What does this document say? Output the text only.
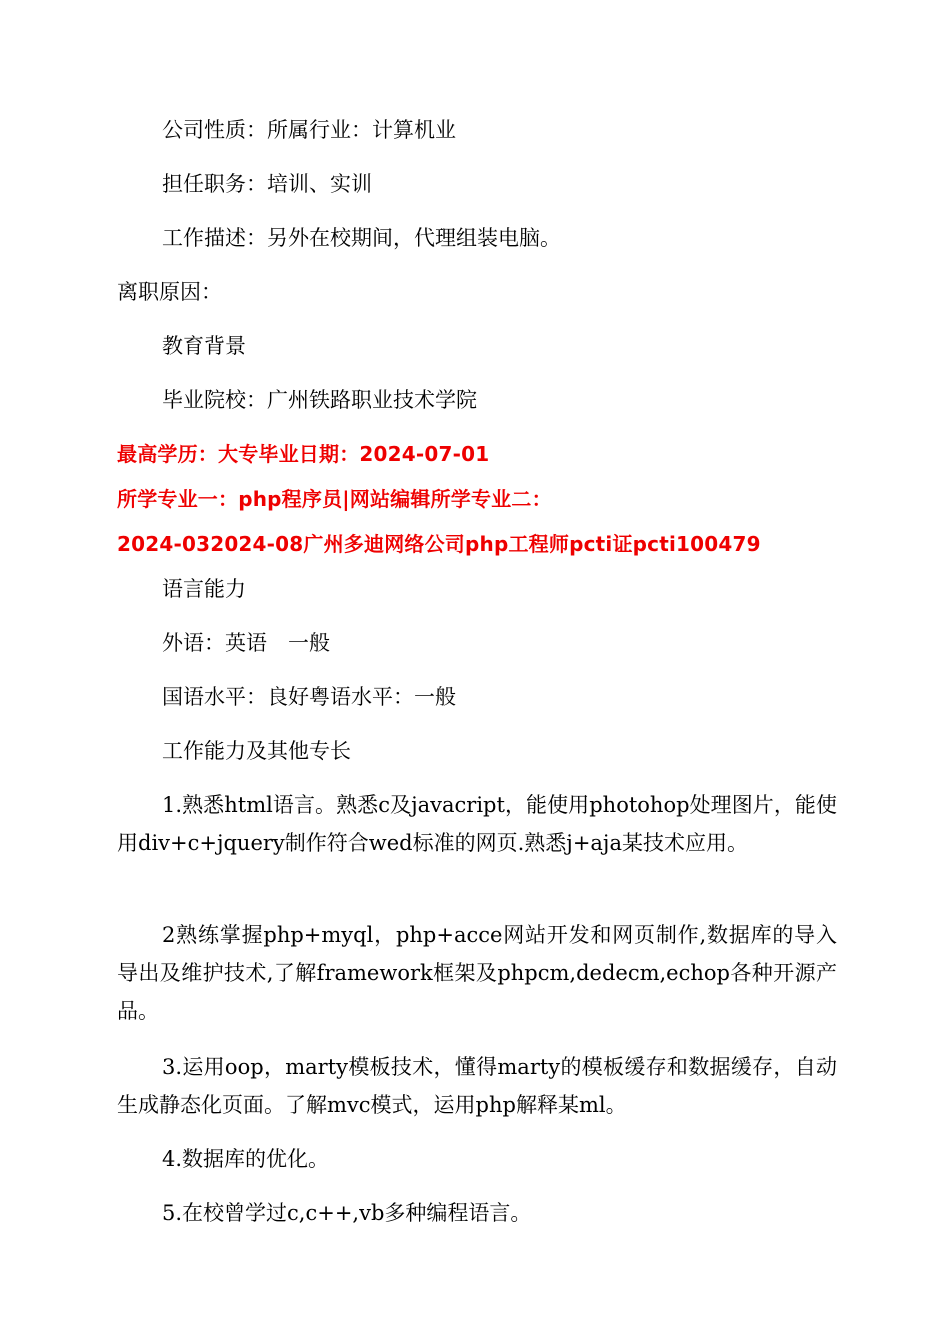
公司性质：所属行业：计算机业
担任职务：培训、实训
工作描述：另外在校期间，代理组装电脑。
离职原因：
教育背景
毕业院校：广州铁路职业技术学院
最高学历：大专毕业日期：2024-07-01
所学专业一：php程序员|网站编辑所学专业二：
2024-032024-08广州多迪网络公司php工程师pcti证pcti100479
语言能力
外语：英语　一般
国语水平：良好粤语水平：一般
工作能力及其他专长
1.熟悉html语言。熟悉c及javacript，能使用photohop处理图片，能使用div+c+jquery制作符合wed标准的网页.熟悉j+aja某技术应用。
2熟练掌握php+myql，php+acce网站开发和网页制作,数据库的导入导出及维护技术,了解framework框架及phpcm,dedecm,echop各种开源产品。
3.运用oop，marty模板技术，懂得marty的模板缓存和数据缓存，自动生成静态化页面。了解mvc模式，运用php解释某ml。
4.数据库的优化。
5.在校曾学过c,c++,vb多种编程语言。
